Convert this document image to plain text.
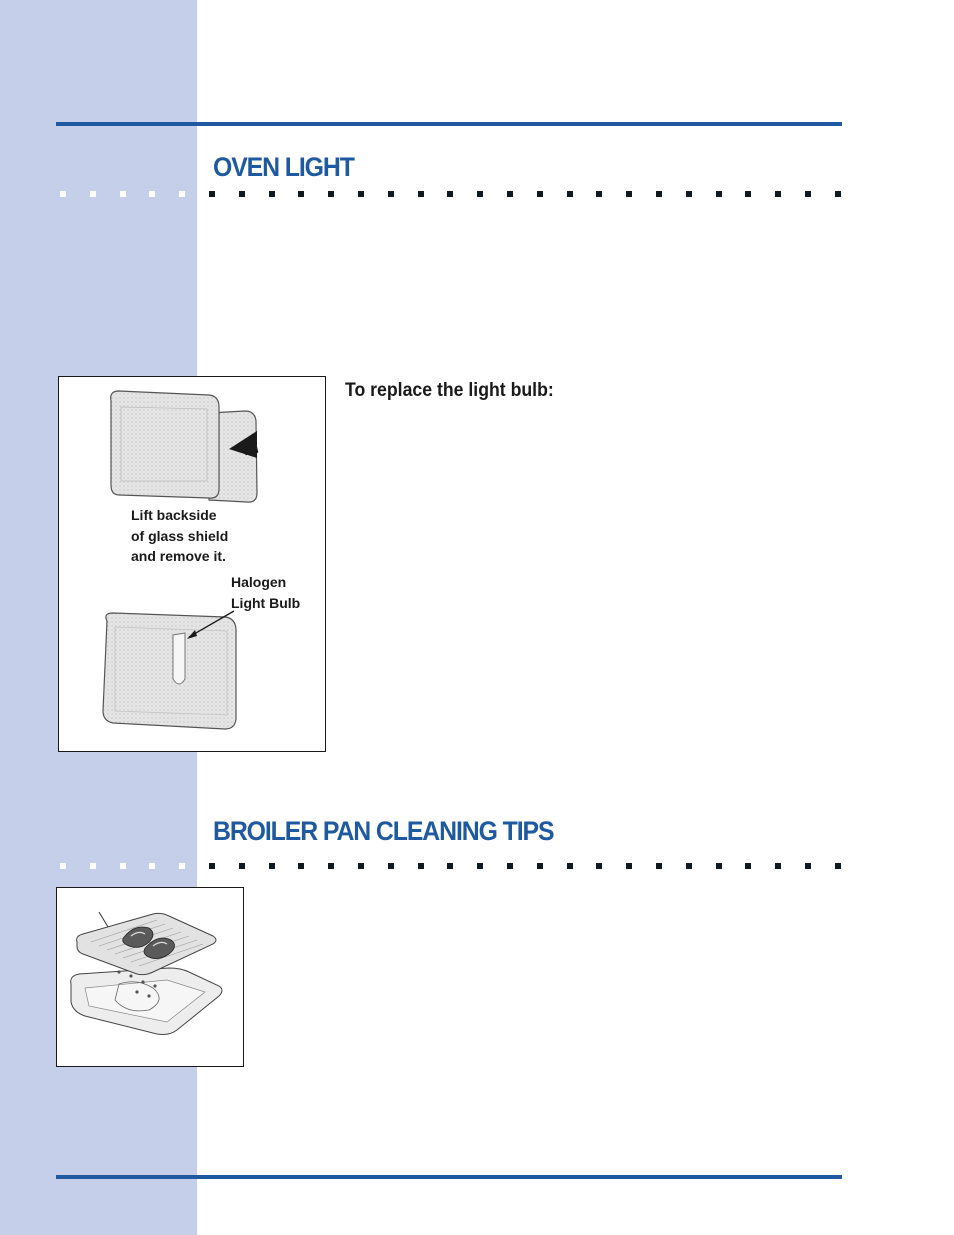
OVEN LIGHT
Lift backside
of glass shield
and remove it.
Halogen
Light Bulb
To replace the light bulb:
BROILER PAN CLEANING TIPS
